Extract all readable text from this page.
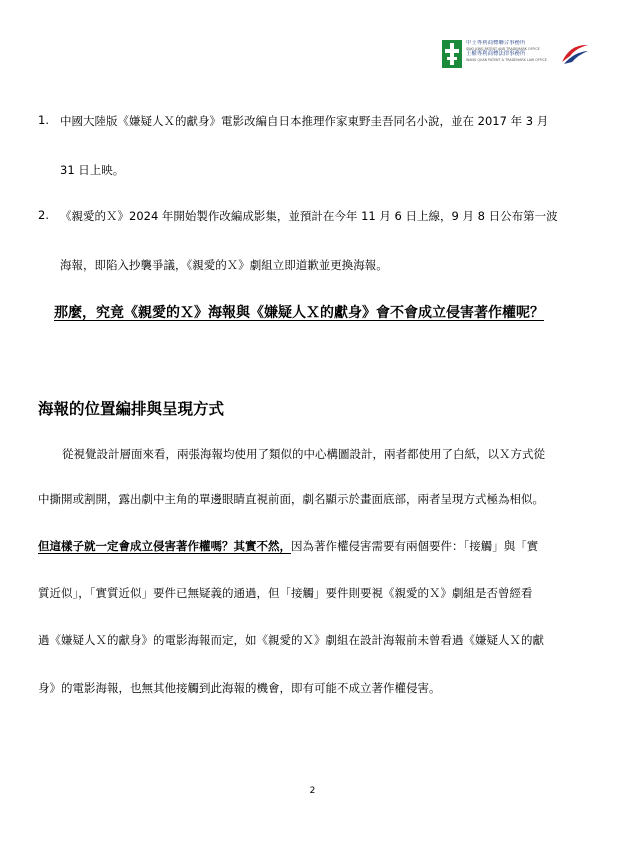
中王專利商標聯合事務所
SINO-KING PATENT AND TRADEMARK OFFICE
王權專利商標法律事務所
WANG QUAN PATENT & TRADEMARK LAW OFFICE
1. 中國大陸版《嫌疑人Ｘ的獻身》電影改編自日本推理作家東野圭吾同名小說，並在 2017 年 3 月
31 日上映。
2. 《親愛的Ｘ》2024 年開始製作改編成影集，並預計在今年 11 月 6 日上線，9 月 8 日公布第一波
海報，即陷入抄襲爭議，《親愛的Ｘ》劇組立即道歉並更換海報。
那麼，究竟《親愛的Ｘ》海報與《嫌疑人Ｘ的獻身》會不會成立侵害著作權呢？
海報的位置編排與呈現方式
從視覺設計層面來看，兩張海報均使用了類似的中心構圖設計，兩者都使用了白紙，以Ｘ方式從
中撕開或割開，露出劇中主角的單邊眼睛直視前面，劇名顯示於畫面底部，兩者呈現方式極為相似。
但這樣子就一定會成立侵害著作權嗎？其實不然，因為著作權侵害需要有兩個要件：「接觸」與「實
質近似」，「實質近似」要件已無疑義的通過，但「接觸」要件則要視《親愛的Ｘ》劇組是否曾經看
過《嫌疑人Ｘ的獻身》的電影海報而定，如《親愛的Ｘ》劇組在設計海報前未曾看過《嫌疑人Ｘ的獻
身》的電影海報，也無其他接觸到此海報的機會，即有可能不成立著作權侵害。
2
